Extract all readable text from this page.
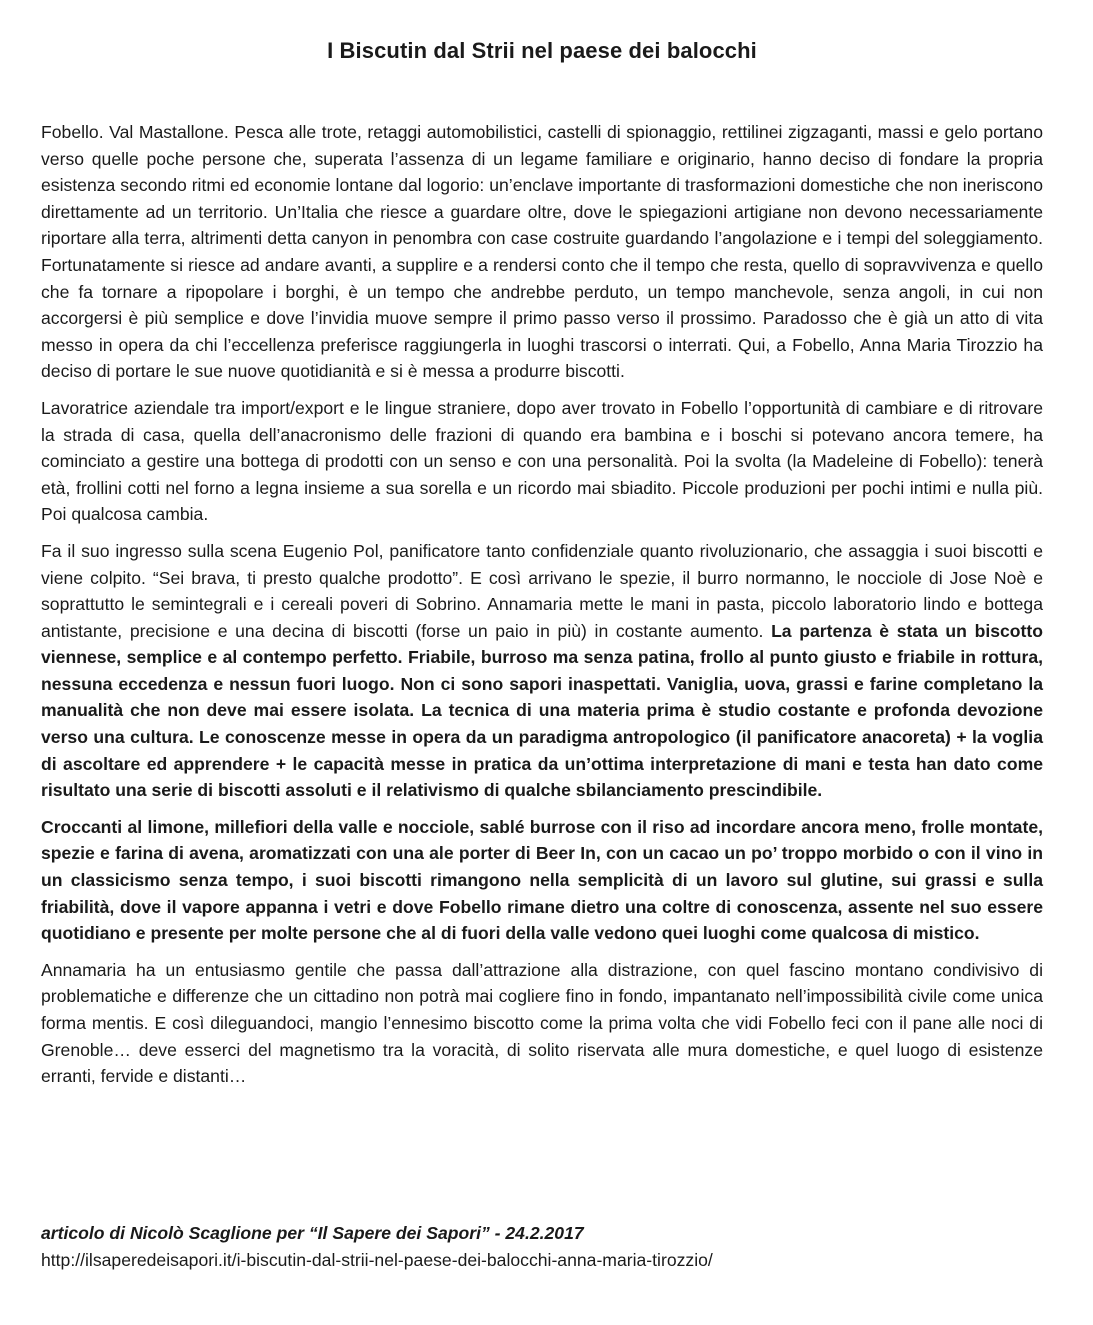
I Biscutin dal Strii nel paese dei balocchi

Fobello. Val Mastallone. Pesca alle trote, retaggi automobilistici, castelli di spionaggio, rettilinei zigzaganti, massi e gelo portano verso quelle poche persone che, superata l’assenza di un legame familiare e originario, hanno deciso di fondare la propria esistenza secondo ritmi ed economie lontane dal logorio: un’enclave importante di trasformazioni domestiche che non ineriscono direttamente ad un territorio. Un’Italia che riesce a guardare oltre, dove le spiegazioni artigiane non devono necessariamente riportare alla terra, altrimenti detta canyon in penombra con case costruite guardando l’angolazione e i tempi del soleggiamento. Fortunatamente si riesce ad andare avanti, a supplire e a rendersi conto che il tempo che resta, quello di sopravvivenza e quello che fa tornare a ripopolare i borghi, è un tempo che andrebbe perduto, un tempo manchevole, senza angoli, in cui non accorgersi è più semplice e dove l’invidia muove sempre il primo passo verso il prossimo. Paradosso che è già un atto di vita messo in opera da chi l’eccellenza preferisce raggiungerla in luoghi trascorsi o interrati. Qui, a Fobello, Anna Maria Tirozzio ha deciso di portare le sue nuove quotidianità e si è messa a produrre biscotti.

Lavoratrice aziendale tra import/export e le lingue straniere, dopo aver trovato in Fobello l’opportunità di cambiare e di ritrovare la strada di casa, quella dell’anacronismo delle frazioni di quando era bambina e i boschi si potevano ancora temere, ha cominciato a gestire una bottega di prodotti con un senso e con una personalità. Poi la svolta (la Madeleine di Fobello): tenerà età, frollini cotti nel forno a legna insieme a sua sorella e un ricordo mai sbiadito. Piccole produzioni per pochi intimi e nulla più. Poi qualcosa cambia.

Fa il suo ingresso sulla scena Eugenio Pol, panificatore tanto confidenziale quanto rivoluzionario, che assaggia i suoi biscotti e viene colpito. “Sei brava, ti presto qualche prodotto”. E così arrivano le spezie, il burro normanno, le nocciole di Jose Noè e soprattutto le semintegrali e i cereali poveri di Sobrino. Annamaria mette le mani in pasta, piccolo laboratorio lindo e bottega antistante, precisione e una decina di biscotti (forse un paio in più) in costante aumento. La partenza è stata un biscotto viennese, semplice e al contempo perfetto. Friabile, burroso ma senza patina, frollo al punto giusto e friabile in rottura, nessuna eccedenza e nessun fuori luogo. Non ci sono sapori inaspettati. Vaniglia, uova, grassi e farine completano la manualità che non deve mai essere isolata. La tecnica di una materia prima è studio costante e profonda devozione verso una cultura. Le conoscenze messe in opera da un paradigma antropologico (il panificatore anacoreta) + la voglia di ascoltare ed apprendere + le capacità messe in pratica da un’ottima interpretazione di mani e testa han dato come risultato una serie di biscotti assoluti e il relativismo di qualche sbilanciamento prescindibile.

Croccanti al limone, millefiori della valle e nocciole, sablé burrose con il riso ad incordare ancora meno, frolle montate, spezie e farina di avena, aromatizzati con una ale porter di Beer In, con un cacao un po’ troppo morbido o con il vino in un classicismo senza tempo, i suoi biscotti rimangono nella semplicità di un lavoro sul glutine, sui grassi e sulla friabilità, dove il vapore appanna i vetri e dove Fobello rimane dietro una coltre di conoscenza, assente nel suo essere quotidiano e presente per molte persone che al di fuori della valle vedono quei luoghi come qualcosa di mistico.

Annamaria ha un entusiasmo gentile che passa dall’attrazione alla distrazione, con quel fascino montano condivisivo di problematiche e differenze che un cittadino non potrà mai cogliere fino in fondo, impantanato nell’impossibilità civile come unica forma mentis. E così dileguandoci, mangio l’ennesimo biscotto come la prima volta che vidi Fobello feci con il pane alle noci di Grenoble… deve esserci del magnetismo tra la voracità, di solito riservata alle mura domestiche, e quel luogo di esistenze erranti, fervide e distanti…

articolo di Nicolò Scaglione per “Il Sapere dei Sapori” - 24.2.2017
http://ilsaperedeisapori.it/i-biscutin-dal-strii-nel-paese-dei-balocchi-anna-maria-tirozzio/
